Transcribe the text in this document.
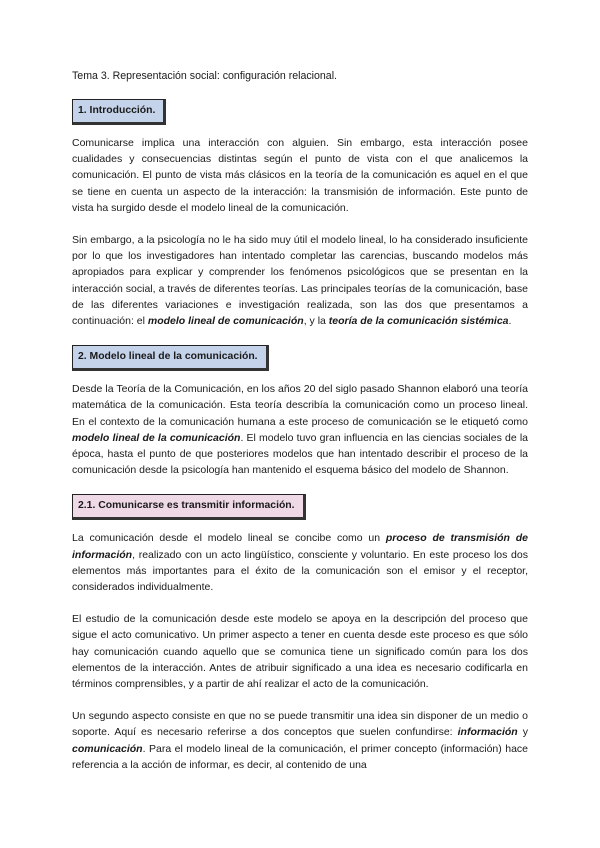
Tema 3. Representación social: configuración relacional.
1. Introducción.

Comunicarse implica una interacción con alguien. Sin embargo, esta interacción posee cualidades y consecuencias distintas según el punto de vista con el que analicemos la comunicación. El punto de vista más clásicos en la teoría de la comunicación es aquel en el que se tiene en cuenta un aspecto de la interacción: la transmisión de información. Este punto de vista ha surgido desde el modelo lineal de la comunicación.

Sin embargo, a la psicología no le ha sido muy útil el modelo lineal, lo ha considerado insuficiente por lo que los investigadores han intentado completar las carencias, buscando modelos más apropiados para explicar y comprender los fenómenos psicológicos que se presentan en la interacción social, a través de diferentes teorías. Las principales teorías de la comunicación, base de las diferentes variaciones e investigación realizada, son las dos que presentamos a continuación: el modelo lineal de comunicación, y la teoría de la comunicación sistémica.

2. Modelo lineal de la comunicación.

Desde la Teoría de la Comunicación, en los años 20 del siglo pasado Shannon elaboró una teoría matemática de la comunicación. Esta teoría describía la comunicación como un proceso lineal. En el contexto de la comunicación humana a este proceso de comunicación se le etiquetó como modelo lineal de la comunicación. El modelo tuvo gran influencia en las ciencias sociales de la época, hasta el punto de que posteriores modelos que han intentado describir el proceso de la comunicación desde la psicología han mantenido el esquema básico del modelo de Shannon.

2.1. Comunicarse es transmitir información.

La comunicación desde el modelo lineal se concibe como un proceso de transmisión de información, realizado con un acto lingüístico, consciente y voluntario. En este proceso los dos elementos más importantes para el éxito de la comunicación son el emisor y el receptor, considerados individualmente.

El estudio de la comunicación desde este modelo se apoya en la descripción del proceso que sigue el acto comunicativo. Un primer aspecto a tener en cuenta desde este proceso es que sólo hay comunicación cuando aquello que se comunica tiene un significado común para los dos elementos de la interacción. Antes de atribuir significado a una idea es necesario codificarla en términos comprensibles, y a partir de ahí realizar el acto de la comunicación.

Un segundo aspecto consiste en que no se puede transmitir una idea sin disponer de un medio o soporte. Aquí es necesario referirse a dos conceptos que suelen confundirse: información y comunicación. Para el modelo lineal de la comunicación, el primer concepto (información) hace referencia a la acción de informar, es decir, al contenido de una
